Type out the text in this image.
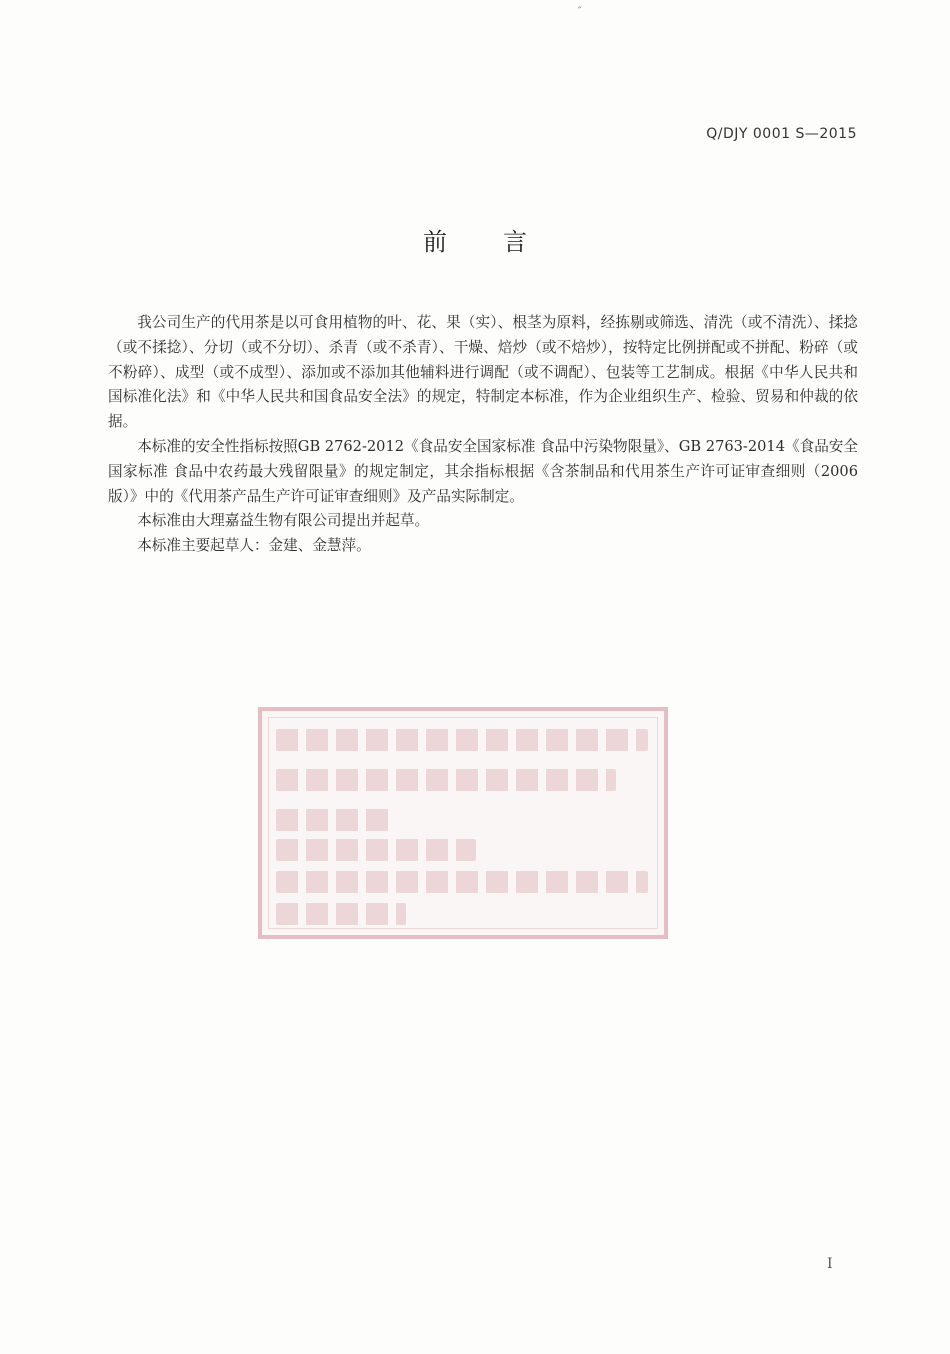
″
Q/DJY 0001 S—2015
前言

我公司生产的代用茶是以可食用植物的叶、花、果（实）、根茎为原料，经拣剔或筛选、清洗（或不清洗）、揉捻（或不揉捻）、分切（或不分切）、杀青（或不杀青）、干燥、焙炒（或不焙炒），按特定比例拼配或不拼配、粉碎（或不粉碎）、成型（或不成型）、添加或不添加其他辅料进行调配（或不调配）、包装等工艺制成。根据《中华人民共和国标准化法》和《中华人民共和国食品安全法》的规定，特制定本标准，作为企业组织生产、检验、贸易和仲裁的依据。

本标准的安全性指标按照GB 2762-2012《食品安全国家标准 食品中污染物限量》、GB 2763-2014《食品安全国家标准 食品中农药最大残留限量》的规定制定，其余指标根据《含茶制品和代用茶生产许可证审查细则（2006版）》中的《代用茶产品生产许可证审查细则》及产品实际制定。

本标准由大理嘉益生物有限公司提出并起草。

本标准主要起草人：金建、金慧萍。

I
